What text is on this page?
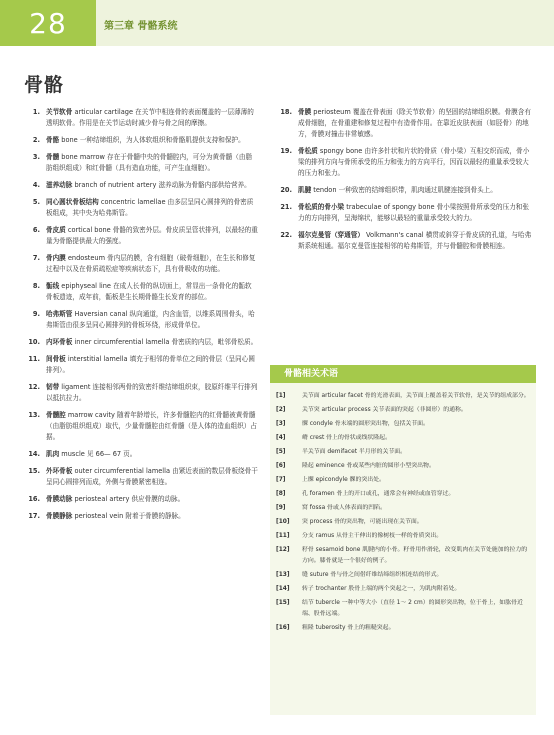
28	第三章 骨骼系统
骨骼
1. 关节软骨 articular cartilage 在关节中相连骨的表面覆盖的一层薄薄的透明软骨。作用是在关节运动时减少骨与骨之间的摩擦。
2. 骨骼 bone 一种结缔组织，为人体软组织和骨骼肌提供支持和保护。
3. 骨髓 bone marrow 存在于骨髓中央的骨髓腔内，可分为黄骨髓（由脂肪组织组成）和红骨髓（具有造血功能，可产生血细胞）。
4. 滋养动脉 branch of nutrient artery 滋养动脉为骨骼内部供给营养。
5. 同心圆状骨板结构 concentric lamellae 由多层呈同心圆排列的骨密质板组成，其中央为哈弗斯管。
6. 骨皮质 cortical bone 骨骼的致密外层。骨皮质呈管状排列，以最轻的重量为骨骼提供最大的强度。
7. 骨内膜 endosteum 骨内层的膜，含有细胞（破骨细胞），在生长和修复过程中以及在骨质疏松症等疾病状态下，具有骨吸收的功能。
8. 骺线 epiphyseal line 在成人长骨的纵切面上，常显出一条骨化的骺软骨板遗迹，成年前，骺板是生长期骨骼生长发育的部位。
9. 哈弗斯管 Haversian canal 纵向通道，内含血管，以维系周围骨头，哈弗斯管由很多呈同心圆排列的骨板环绕，形成骨单位。
10. 内环骨板 inner circumferential lamella 骨密质的内层，毗邻骨松质。
11. 间骨板 interstitial lamella 填充于相邻的骨单位之间的骨层（呈同心圆排列）。
12. 韧带 ligament 连接相邻两骨的致密纤维结缔组织束，胶原纤维平行排列以抵抗拉力。
13. 骨髓腔 marrow cavity 随着年龄增长，许多骨髓腔内的红骨髓被黄骨髓（由脂肪组织组成）取代，少量骨髓腔由红骨髓（是人体的造血组织）占据。
14. 肌肉 muscle 见 66— 67 页。
15. 外环骨板 outer circumferential lamella 由紧近表面的数层骨板绕骨干呈同心圆排列而成，外侧与骨膜紧密相连。
16. 骨膜动脉 periosteal artery 供应骨膜的动脉。
17. 骨膜静脉 periosteal vein 附着于骨膜的静脉。
18. 骨膜 periosteum 覆盖在骨表面（除关节软骨）的坚固的结缔组织膜。骨膜含有成骨细胞，在骨重建和修复过程中有造骨作用。在靠近皮肤表面（如胫骨）的地方，骨膜对撞击非常敏感。
19. 骨松质 spongy bone 由许多针状和片状的骨质（骨小梁）互相交织而成，骨小梁的排列方向与骨所承受的压力和张力的方向平行，因而以最轻的重量承受较大的压力和张力。
20. 肌腱 tendon 一种致密的结缔组织带，肌肉通过肌腱连接到骨头上。
21. 骨松质的骨小梁 trabeculae of spongy bone 骨小梁按照骨所承受的压力和张力的方向排列，呈海绵状，能够以最轻的重量承受较大的力。
22. 福尔克曼管（穿通管） Volkmann's canal 横贯或斜穿于骨皮质的孔道，与哈弗斯系统相通。福尔克曼管连接相邻的哈弗斯管，并与骨髓腔和骨膜相连。
骨骼相关术语
[1]	关节面 articular facet 骨的光滑表面，关节面上覆盖着关节软骨，是关节的组成部分。
[2]	关节突 articular process 关节表面的突起（非圆形）的通称。
[3]	髁 condyle 骨末端的圆形突出物，包括关节面。
[4]	嵴 crest 骨上的骨状或线状隆起。
[5]	半关节面 demifacet 半月形的关节面。
[6]	隆起 eminence 骨或某些内脏的圆形小型突出物。
[7]	上髁 epicondyle 髁的突出处。
[8]	孔 foramen 骨上的开口或孔，通常会有神经或血管穿过。
[9]	窝 fossa 骨或人体表面的凹陷。
[10]	突 process 骨的突出物，可能出现在关节面。
[11]	分支 ramus 从骨主干伸出的像树枝一样的骨质突出。
[12]	籽骨 sesamoid bone 肌腱内的小骨。籽骨用作滑轮，改变肌肉在关节处施加的拉力的方向。膝骨就是一个很好的例子。
[13]	缝 suture 骨与骨之间借纤维结缔组织相连结的形式。
[14]	转子 trochanter 股骨上端的两个突起之一，为肌肉附着处。
[15]	结节 tubercle 一种中等大小（直径 1～ 2 cm）的圆形突出物，位于骨上，如肱骨近端、股骨远端。
[16]	粗隆 tuberosity 骨上的粗糙突起。
